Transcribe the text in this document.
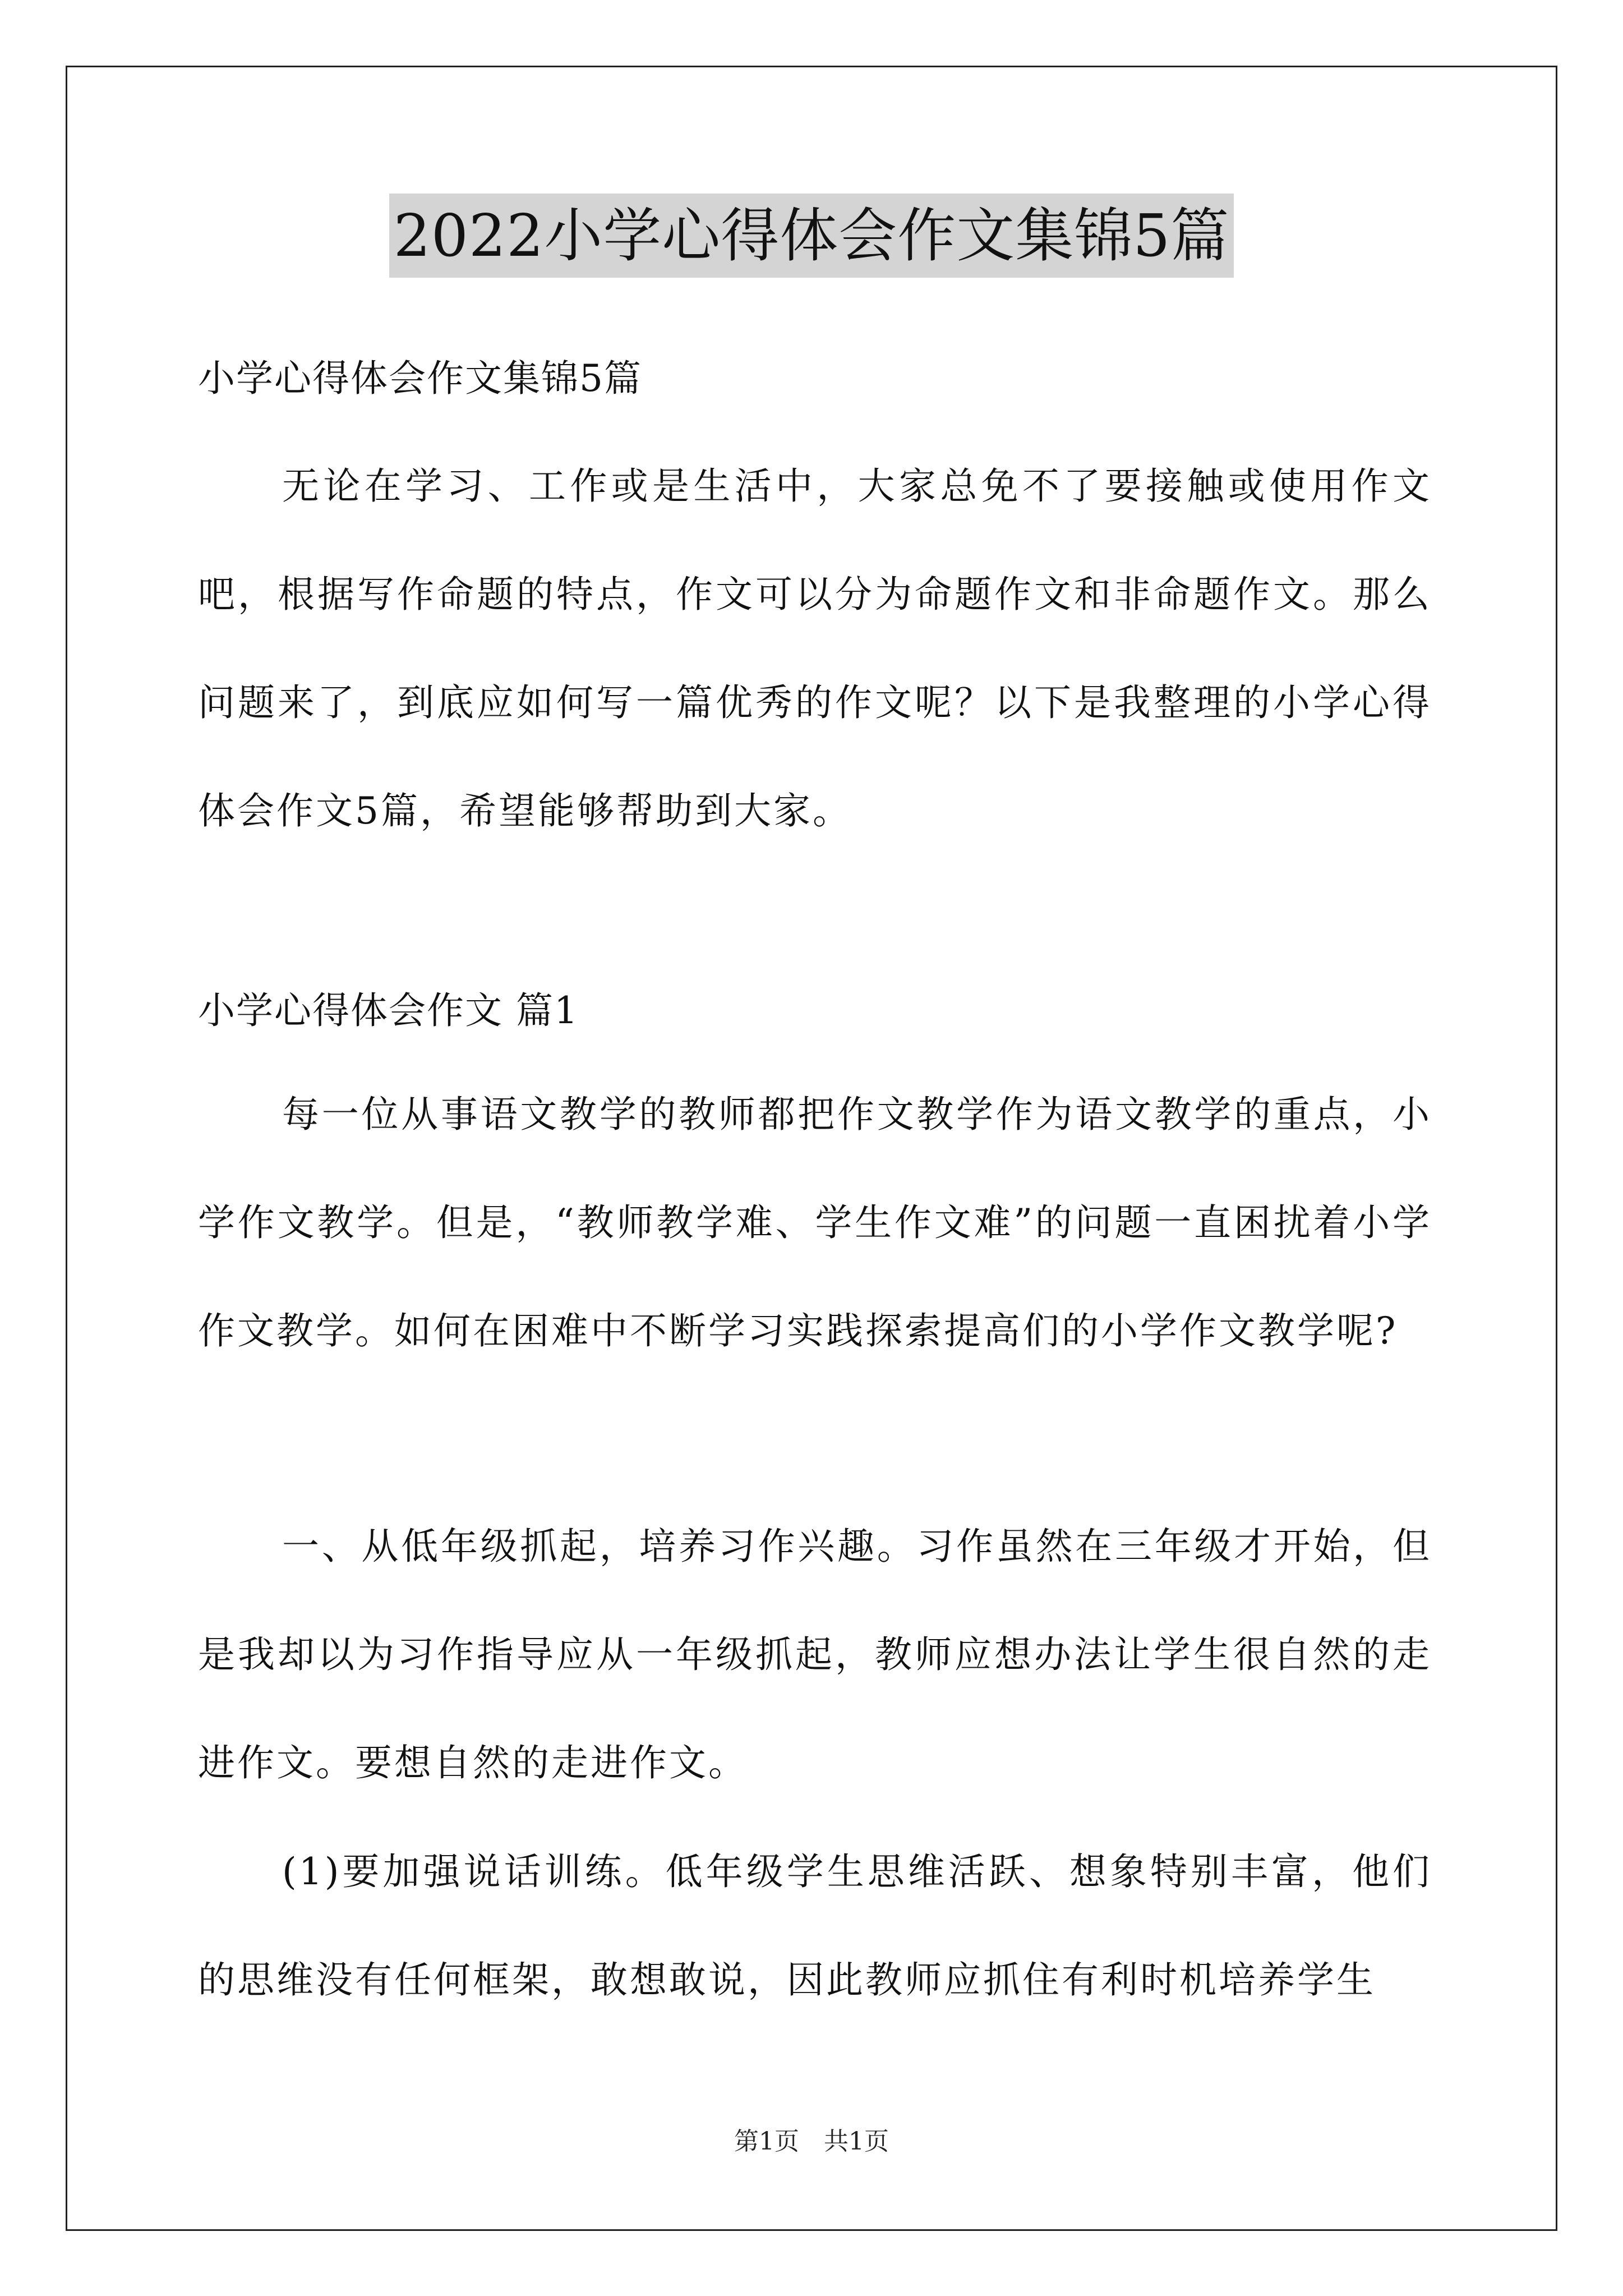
2022小学心得体会作文集锦5篇
小学心得体会作文集锦5篇
无论在学习、工作或是生活中，大家总免不了要接触或使用作文吧，根据写作命题的特点，作文可以分为命题作文和非命题作文。那么问题来了，到底应如何写一篇优秀的作文呢？以下是我整理的小学心得体会作文5篇，希望能够帮助到大家。
小学心得体会作文 篇1
每一位从事语文教学的教师都把作文教学作为语文教学的重点，小学作文教学。但是，“教师教学难、学生作文难”的问题一直困扰着小学作文教学。如何在困难中不断学习实践探索提高们的小学作文教学呢?
一、从低年级抓起，培养习作兴趣。习作虽然在三年级才开始，但是我却以为习作指导应从一年级抓起，教师应想办法让学生很自然的走进作文。要想自然的走进作文。
(1)要加强说话训练。低年级学生思维活跃、想象特别丰富，他们的思维没有任何框架，敢想敢说，因此教师应抓住有利时机培养学生
第1页　共1页
